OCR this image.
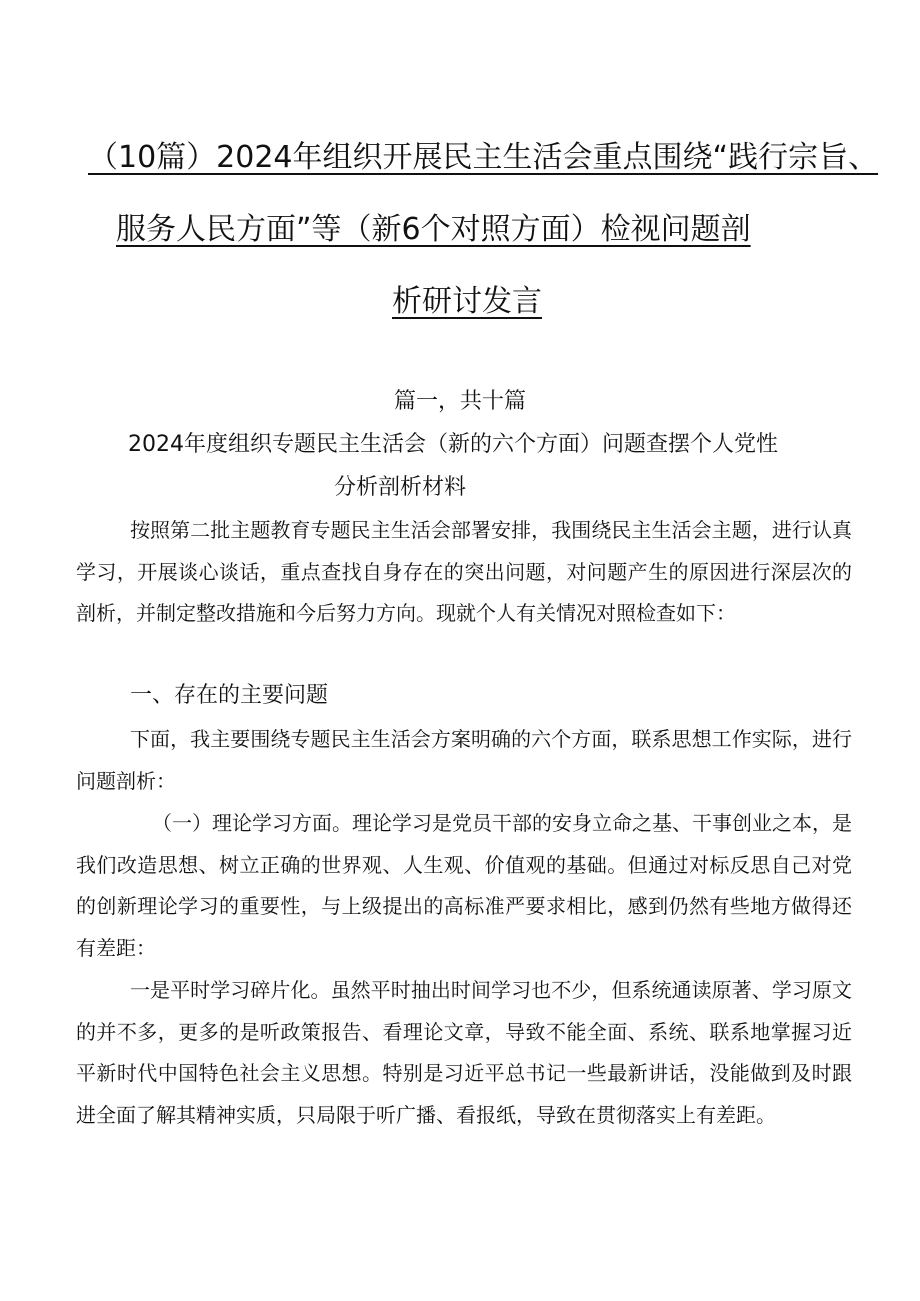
（10篇）2024年组织开展民主生活会重点围绕“践行宗旨、
服务人民方面”等（新6个对照方面）检视问题剖
析研讨发言
篇一，共十篇
2024年度组织专题民主生活会（新的六个方面）问题查摆个人党性
分析剖析材料

按照第二批主题教育专题民主生活会部署安排，我围绕民主生活会主题，进行认真学习，开展谈心谈话，重点查找自身存在的突出问题，对问题产生的原因进行深层次的剖析，并制定整改措施和今后努力方向。现就个人有关情况对照检查如下：

一、存在的主要问题

下面，我主要围绕专题民主生活会方案明确的六个方面，联系思想工作实际，进行问题剖析：

（一）理论学习方面。理论学习是党员干部的安身立命之基、干事创业之本，是我们改造思想、树立正确的世界观、人生观、价值观的基础。但通过对标反思自己对党的创新理论学习的重要性，与上级提出的高标准严要求相比，感到仍然有些地方做得还有差距：

一是平时学习碎片化。虽然平时抽出时间学习也不少，但系统通读原著、学习原文的并不多，更多的是听政策报告、看理论文章，导致不能全面、系统、联系地掌握习近平新时代中国特色社会主义思想。特别是习近平总书记一些最新讲话，没能做到及时跟进全面了解其精神实质，只局限于听广播、看报纸，导致在贯彻落实上有差距。
